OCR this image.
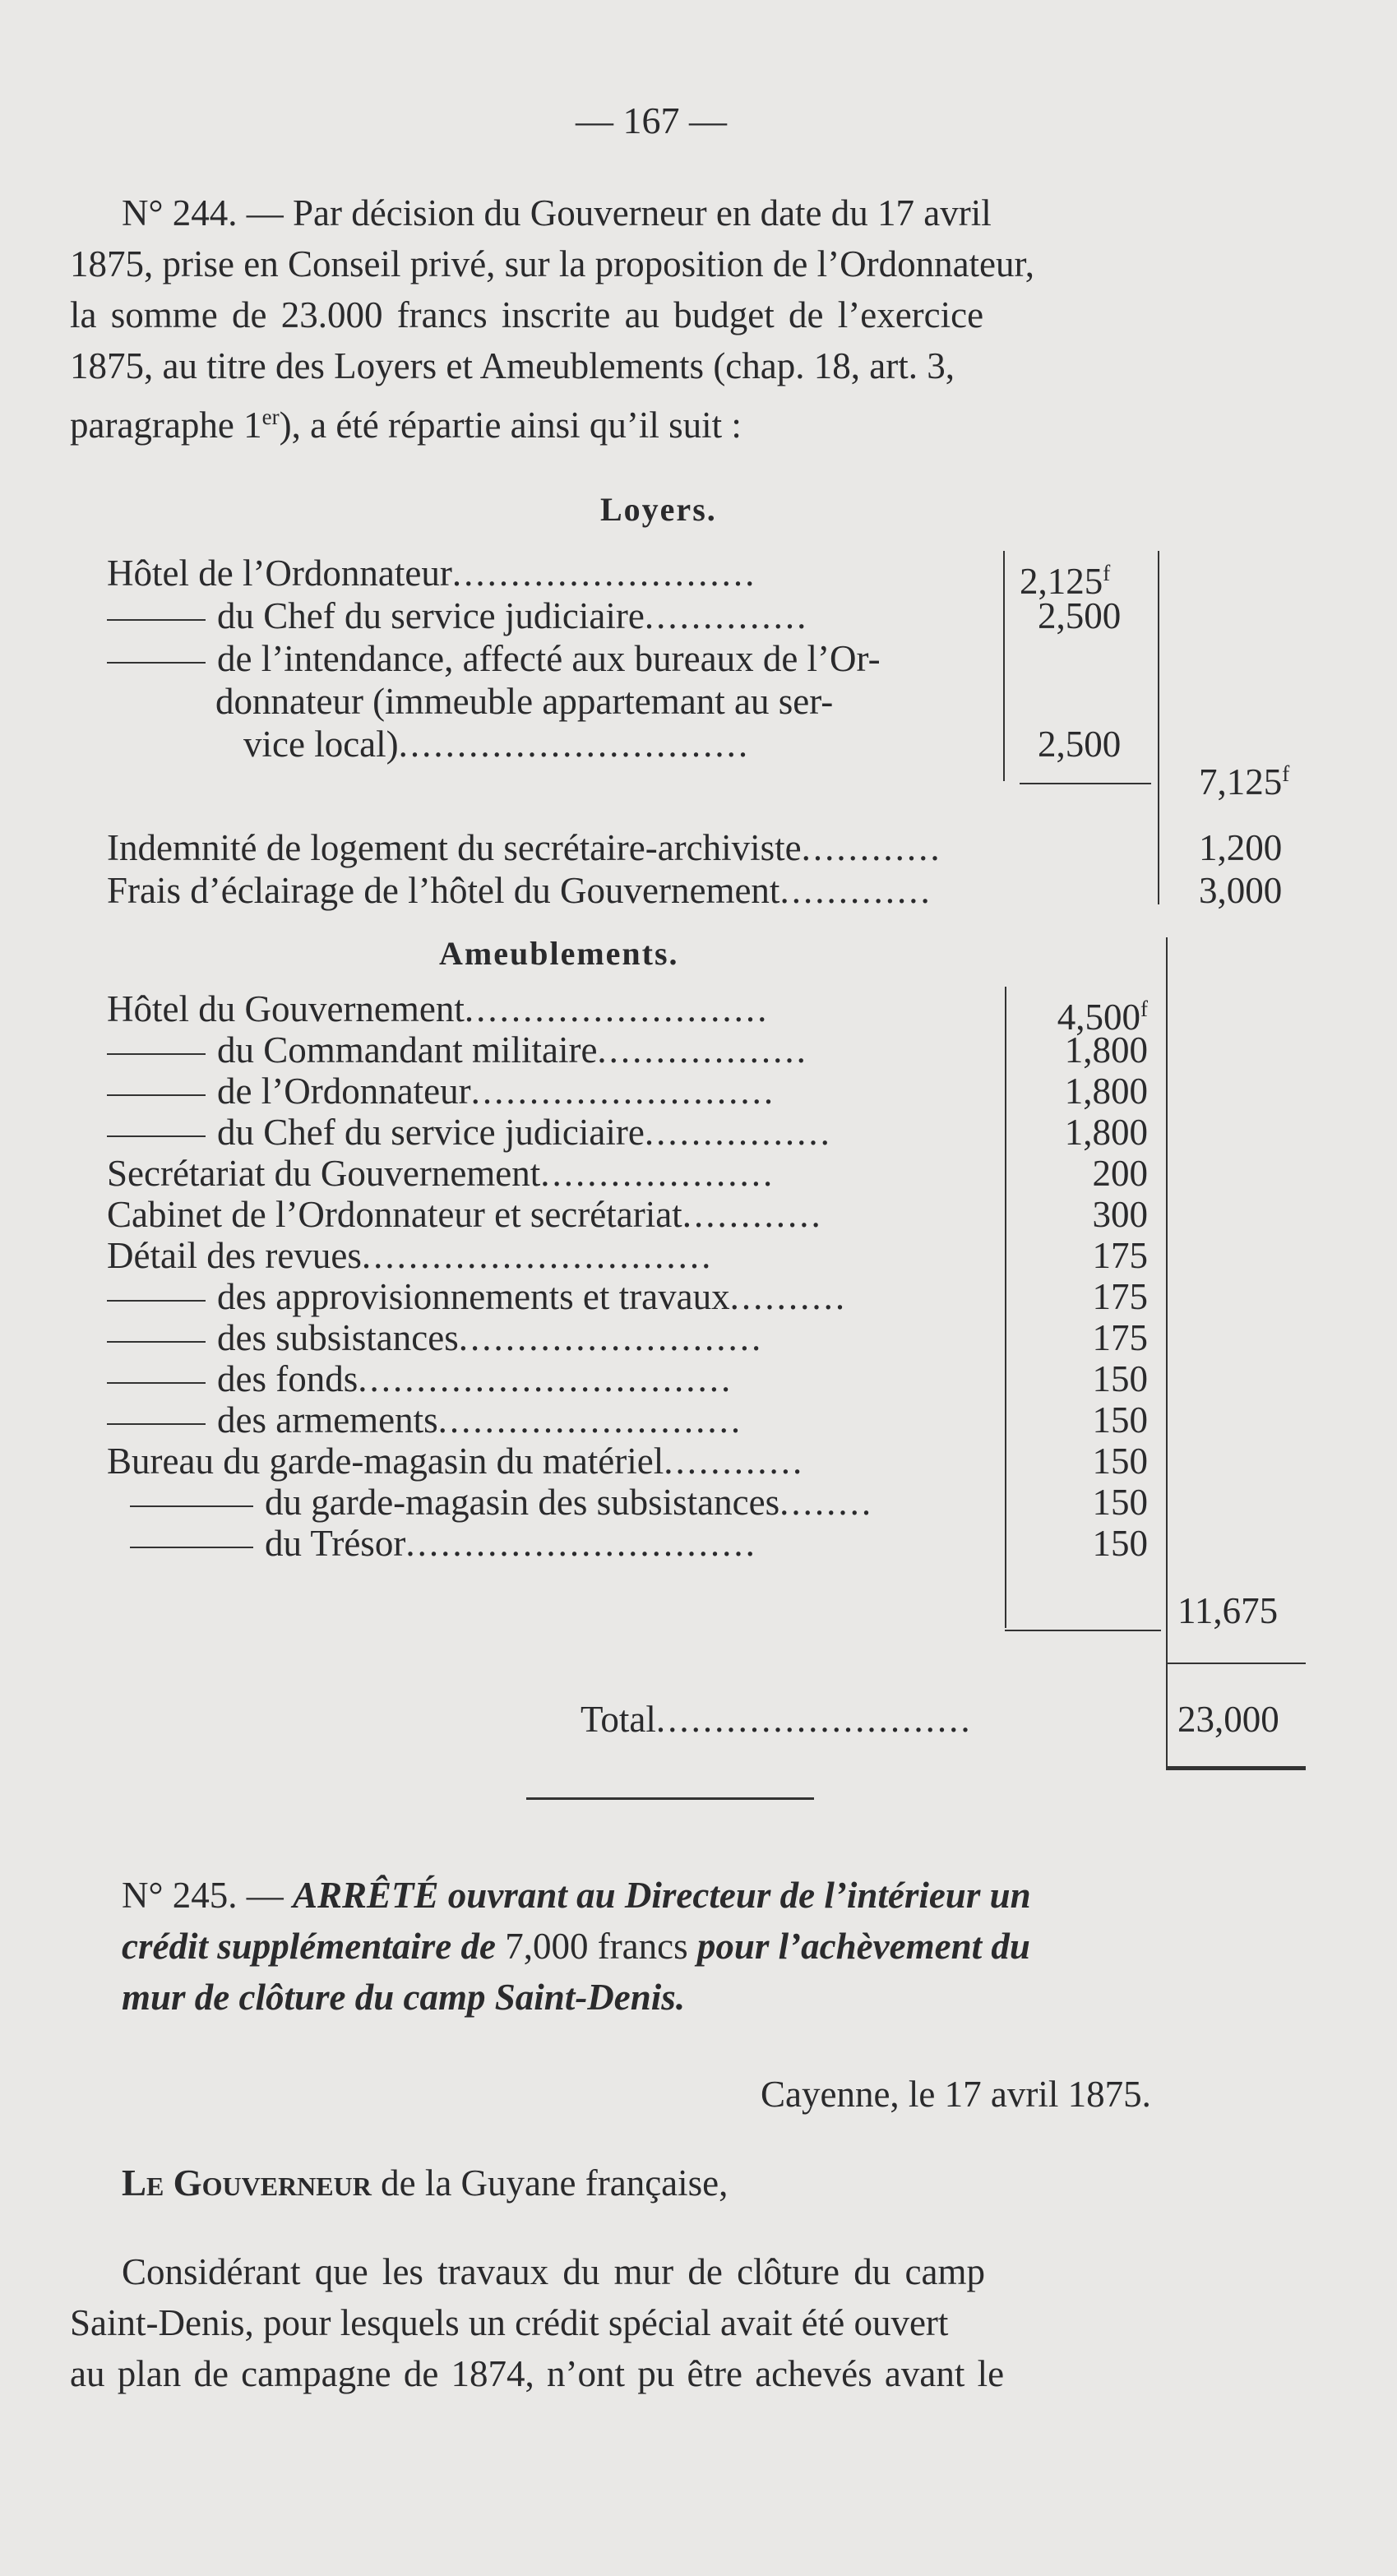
— 167 —
N° 244. — Par décision du Gouverneur en date du 17 avril
1875, prise en Conseil privé, sur la proposition de l’Ordonnateur,
la somme de 23.000 francs inscrite au budget de l’exercice
1875, au titre des Loyers et Ameublements (chap. 18, art. 3,
paragraphe 1er), a été répartie ainsi qu’il suit :
Loyers.
Hôtel de l’Ordonnateur..........................	2,125$^f$
du Chef du service judiciaire..............	2,500
de l’intendance, affecté aux bureaux de l’Or-
donnateur (immeuble appartemant au ser-
vice local)..............................	2,500
7,125$^f$
Indemnité de logement du secrétaire-archiviste............	1,200
Frais d’éclairage de l’hôtel du Gouvernement.............	3,000
Ameublements.
Hôtel du Gouvernement..........................	4,500$^f$
du Commandant militaire..................	1,800
de l’Ordonnateur..........................	1,800
du Chef du service judiciaire................	1,800
Secrétariat du Gouvernement....................	200
Cabinet de l’Ordonnateur et secrétariat............	300
Détail des revues..............................	175
des approvisionnements et travaux..........	175
des subsistances..........................	175
des fonds................................	150
des armements..........................	150
Bureau du garde-magasin du matériel............	150
du garde-magasin des subsistances........	150
du Trésor..............................	150
11,675
Total...........................	23,000
N° 245. — ARRÊTÉ ouvrant au Directeur de l’intérieur un
crédit supplémentaire de 7,000 francs pour l’achèvement du
mur de clôture du camp Saint-Denis.
Cayenne, le 17 avril 1875.
Le Gouverneur de la Guyane française,
Considérant que les travaux du mur de clôture du camp
Saint-Denis, pour lesquels un crédit spécial avait été ouvert
au plan de campagne de 1874, n’ont pu être achevés avant le
